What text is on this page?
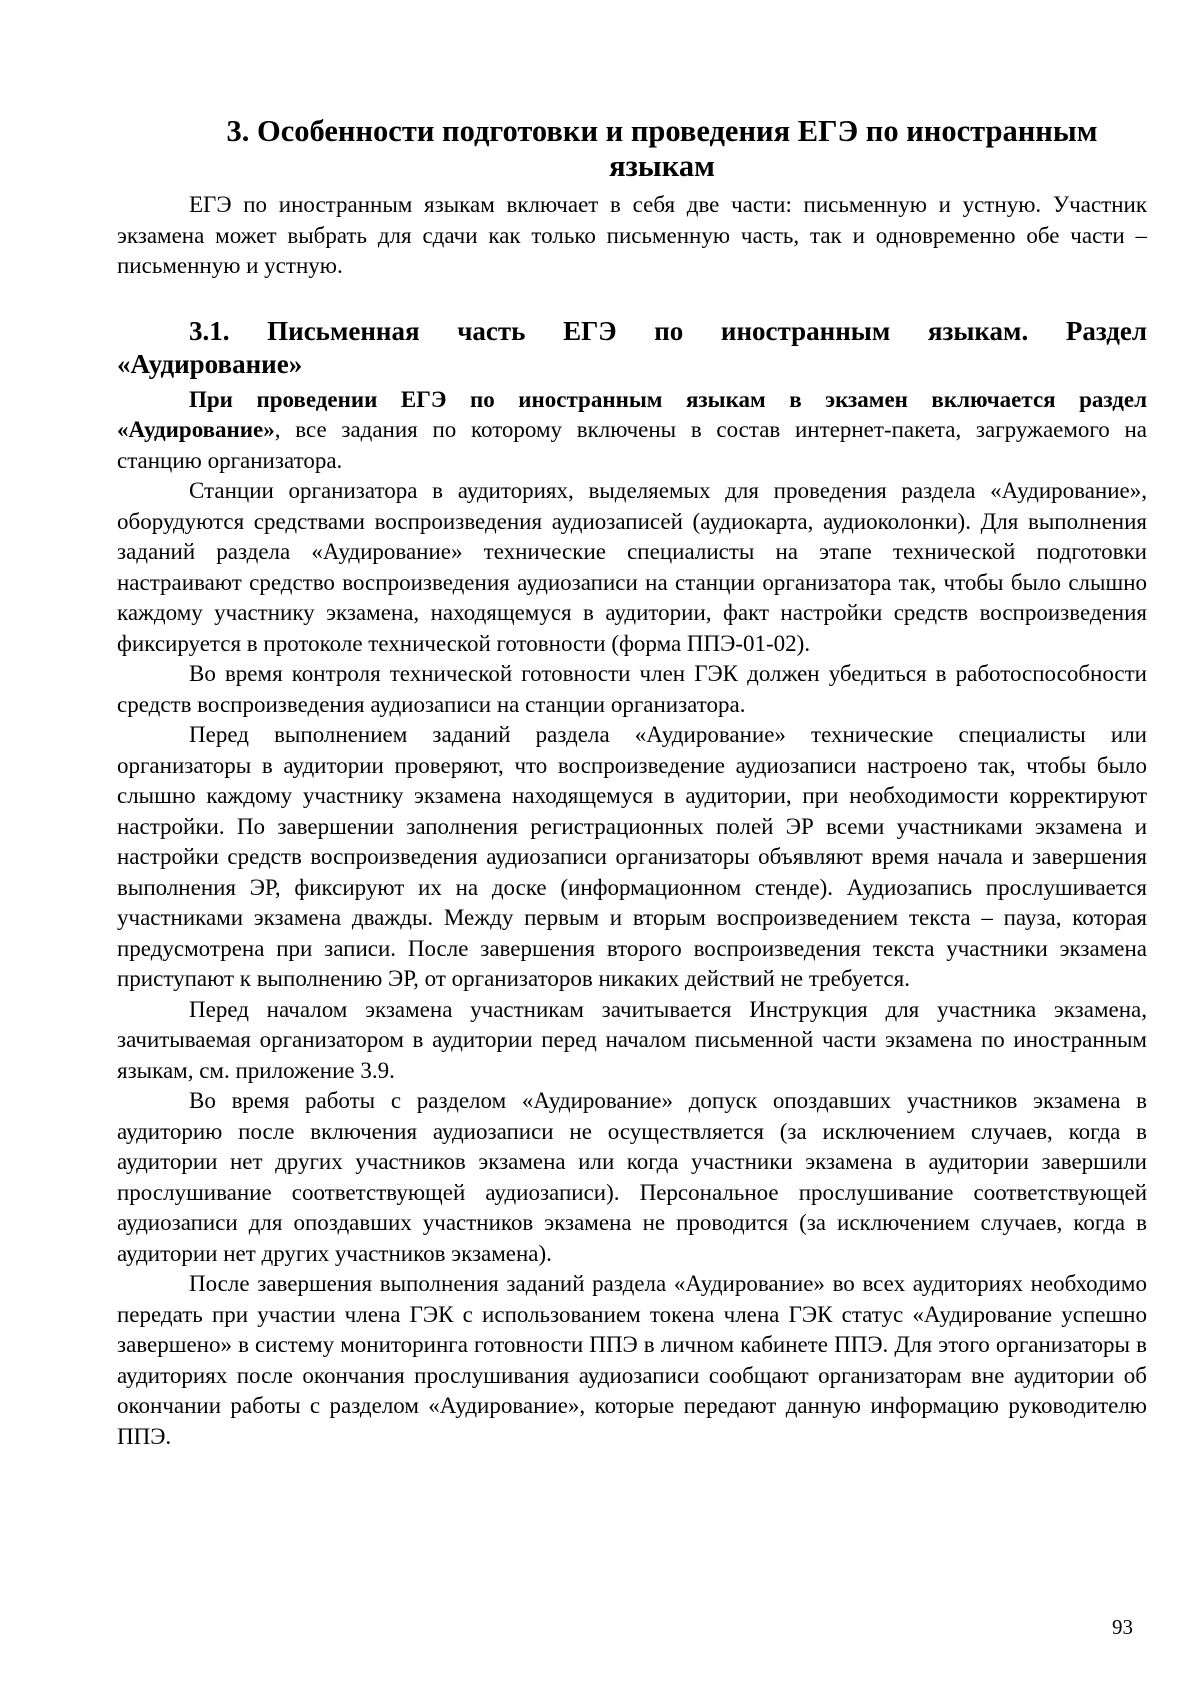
3. Особенности подготовки и проведения ЕГЭ по иностранным языкам

ЕГЭ по иностранным языкам включает в себя две части: письменную и устную. Участник экзамена может выбрать для сдачи как только письменную часть, так и одновременно обе части – письменную и устную.

3.1. Письменная часть ЕГЭ по иностранным языкам. Раздел «Аудирование»

При проведении ЕГЭ по иностранным языкам в экзамен включается раздел «Аудирование», все задания по которому включены в состав интернет-пакета, загружаемого на станцию организатора.

Станции организатора в аудиториях, выделяемых для проведения раздела «Аудирование», оборудуются средствами воспроизведения аудиозаписей (аудиокарта, аудиоколонки). Для выполнения заданий раздела «Аудирование» технические специалисты на этапе технической подготовки настраивают средство воспроизведения аудиозаписи на станции организатора так, чтобы было слышно каждому участнику экзамена, находящемуся в аудитории, факт настройки средств воспроизведения фиксируется в протоколе технической готовности (форма ППЭ-01-02).

Во время контроля технической готовности член ГЭК должен убедиться в работоспособности средств воспроизведения аудиозаписи на станции организатора.

Перед выполнением заданий раздела «Аудирование» технические специалисты или организаторы в аудитории проверяют, что воспроизведение аудиозаписи настроено так, чтобы было слышно каждому участнику экзамена находящемуся в аудитории, при необходимости корректируют настройки. По завершении заполнения регистрационных полей ЭР всеми участниками экзамена и настройки средств воспроизведения аудиозаписи организаторы объявляют время начала и завершения выполнения ЭР, фиксируют их на доске (информационном стенде). Аудиозапись прослушивается участниками экзамена дважды. Между первым и вторым воспроизведением текста – пауза, которая предусмотрена при записи. После завершения второго воспроизведения текста участники экзамена приступают к выполнению ЭР, от организаторов никаких действий не требуется.

Перед началом экзамена участникам зачитывается Инструкция для участника экзамена, зачитываемая организатором в аудитории перед началом письменной части экзамена по иностранным языкам, см. приложение 3.9.

Во время работы с разделом «Аудирование» допуск опоздавших участников экзамена в аудиторию после включения аудиозаписи не осуществляется (за исключением случаев, когда в аудитории нет других участников экзамена или когда участники экзамена в аудитории завершили прослушивание соответствующей аудиозаписи). Персональное прослушивание соответствующей аудиозаписи для опоздавших участников экзамена не проводится (за исключением случаев, когда в аудитории нет других участников экзамена).

После завершения выполнения заданий раздела «Аудирование» во всех аудиториях необходимо передать при участии члена ГЭК с использованием токена члена ГЭК статус «Аудирование успешно завершено» в систему мониторинга готовности ППЭ в личном кабинете ППЭ. Для этого организаторы в аудиториях после окончания прослушивания аудиозаписи сообщают организаторам вне аудитории об окончании работы с разделом «Аудирование», которые передают данную информацию руководителю ППЭ.

93
